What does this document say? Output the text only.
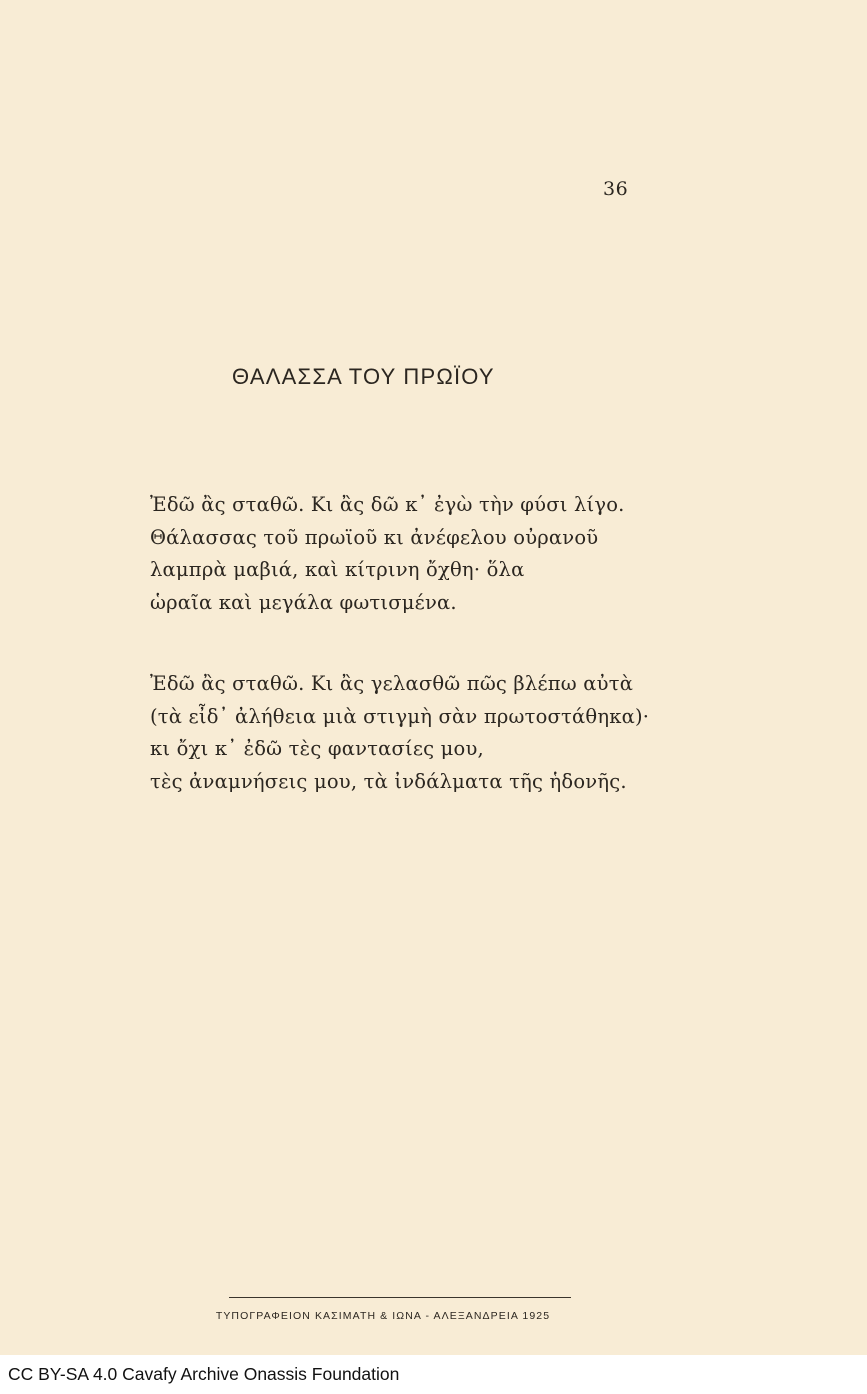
36
ΘΑΛΑΣΣΑ ΤΟΥ ΠΡΩΪΟΥ
Ἐδῶ ἂς σταθῶ. Κι ἂς δῶ κ᾽ ἐγὼ τὴν φύσι λίγο.
Θάλασσας τοῦ πρωϊοῦ κι ἀνέφελου οὐρανοῦ
λαμπρὰ μαβιά, καὶ κίτρινη ὄχθη· ὅλα
ὡραῖα καὶ μεγάλα φωτισμένα.
Ἐδῶ ἂς σταθῶ. Κι ἂς γελασθῶ πῶς βλέπω αὐτὰ
(τὰ εἶδ᾽ ἀλήθεια μιὰ στιγμὴ σὰν πρωτοστάθηκα)·
κι ὄχι κ᾽ ἐδῶ τὲς φαντασίες μου,
τὲς ἀναμνήσεις μου, τὰ ἰνδάλματα τῆς ἡδονῆς.
ΤΥΠΟΓΡΑΦΕΙΟΝ ΚΑΣΙΜΑΤΗ & ΙΩΝΑ - ΑΛΕΞΑΝΔΡΕΙΑ 1925
CC BY-SA 4.0 Cavafy Archive Onassis Foundation
